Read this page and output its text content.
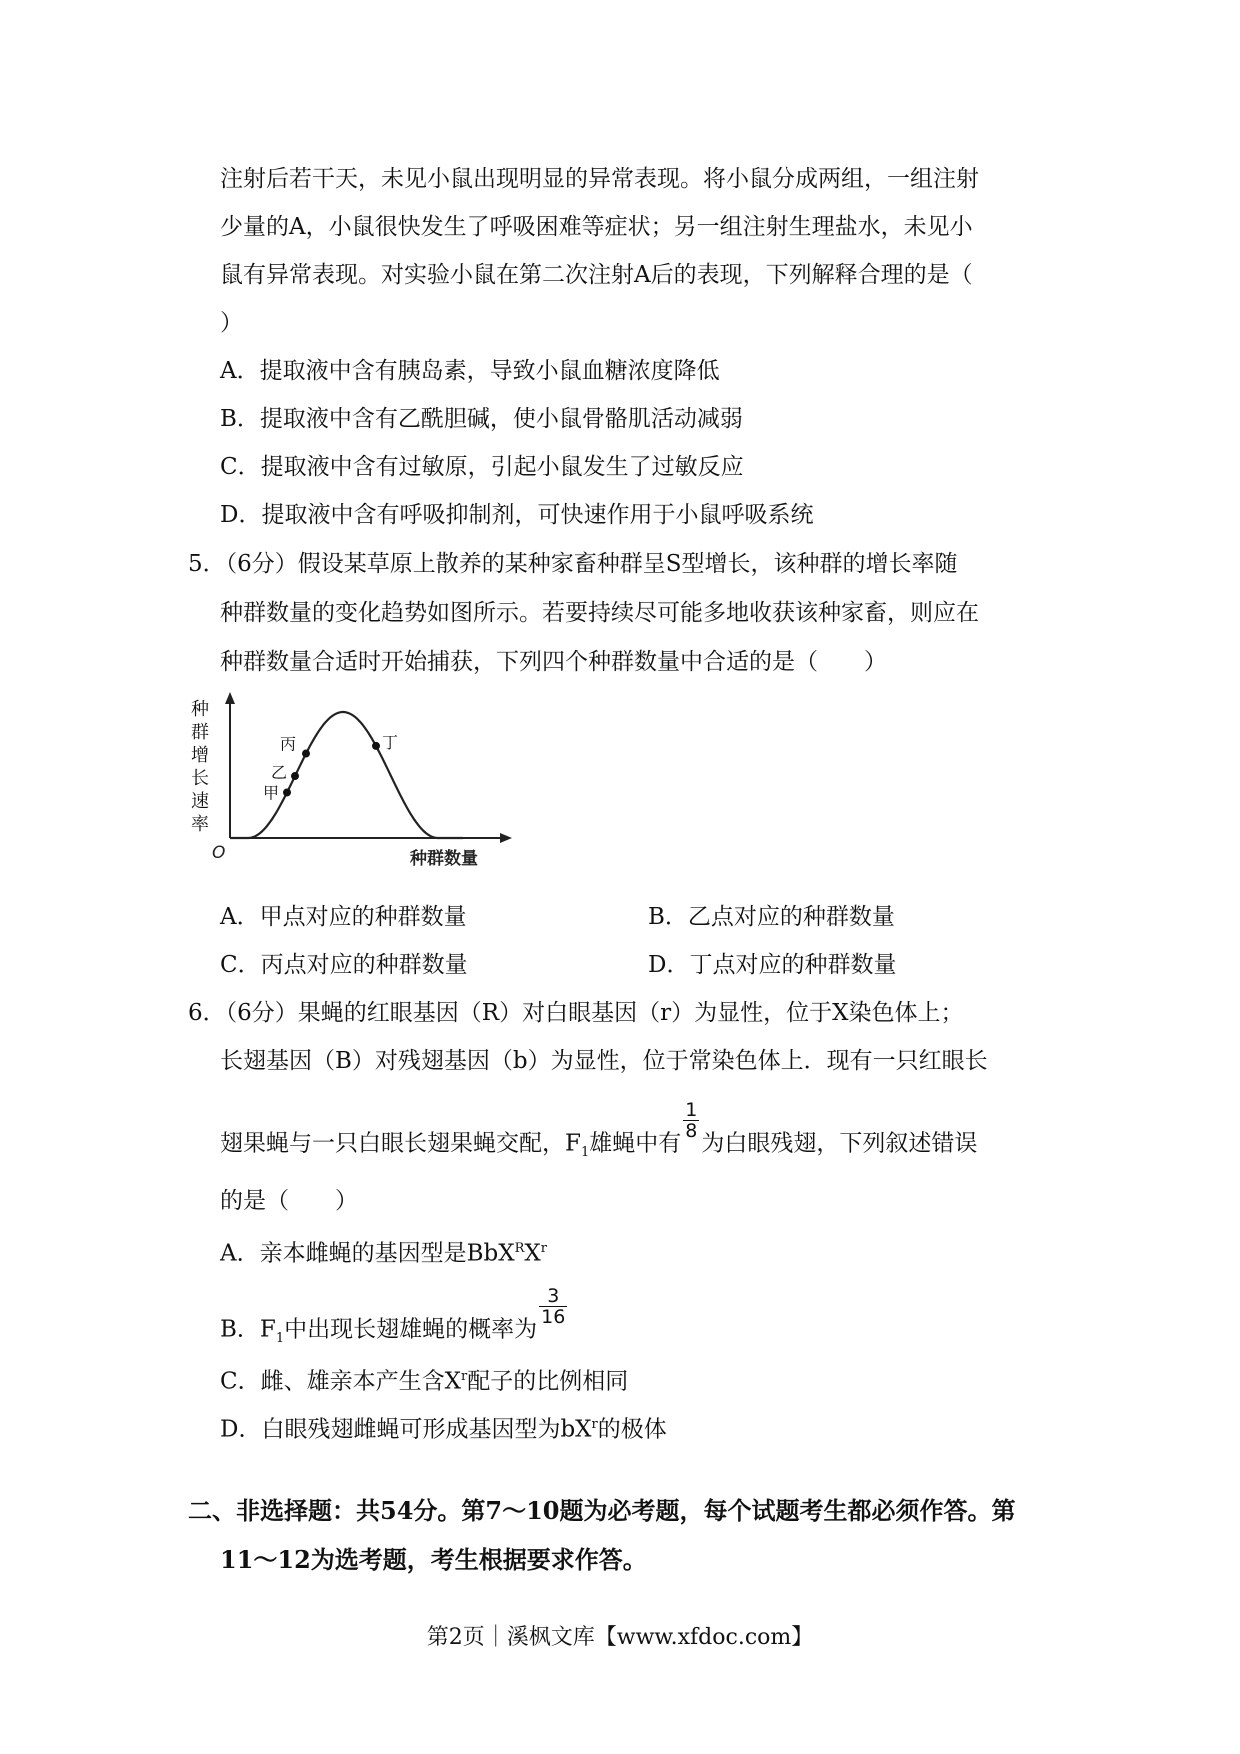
注射后若干天，未见小鼠出现明显的异常表现。将小鼠分成两组，一组注射
少量的A，小鼠很快发生了呼吸困难等症状；另一组注射生理盐水，未见小
鼠有异常表现。对实验小鼠在第二次注射A后的表现，下列解释合理的是（
）
A．提取液中含有胰岛素，导致小鼠血糖浓度降低
B．提取液中含有乙酰胆碱，使小鼠骨骼肌活动减弱
C．提取液中含有过敏原，引起小鼠发生了过敏反应
D．提取液中含有呼吸抑制剂，可快速作用于小鼠呼吸系统
5．（6分）假设某草原上散养的某种家畜种群呈S型增长，该种群的增长率随
种群数量的变化趋势如图所示。若要持续尽可能多地收获该种家畜，则应在
种群数量合适时开始捕获，下列四个种群数量中合适的是（　　）
种
群
增
长
速
率
甲
乙
丙	丁
O	种群数量
A．甲点对应的种群数量	B．乙点对应的种群数量
C．丙点对应的种群数量	D．丁点对应的种群数量
6．（6分）果蝇的红眼基因（R）对白眼基因（r）为显性，位于X染色体上；
长翅基因（B）对残翅基因（b）为显性，位于常染色体上．现有一只红眼长
翅果蝇与一只白眼长翅果蝇交配，$F_1$雄蝇中有
$\frac{1}{8}$
为白眼残翅，下列叙述错误
的是（　　）
A．亲本雌蝇的基因型是$BbX^RX^r$
B．$F_1$中出现长翅雄蝇的概率为
$\frac{3}{16}$
C．雌、雄亲本产生含$X^r$配子的比例相同
D．白眼残翅雌蝇可形成基因型为$bX^r$的极体
二、非选择题：共54分。第7～10题为必考题，每个试题考生都必须作答。第
11～12为选考题，考生根据要求作答。
第2页｜溪枫文库【www.xfdoc.com】
